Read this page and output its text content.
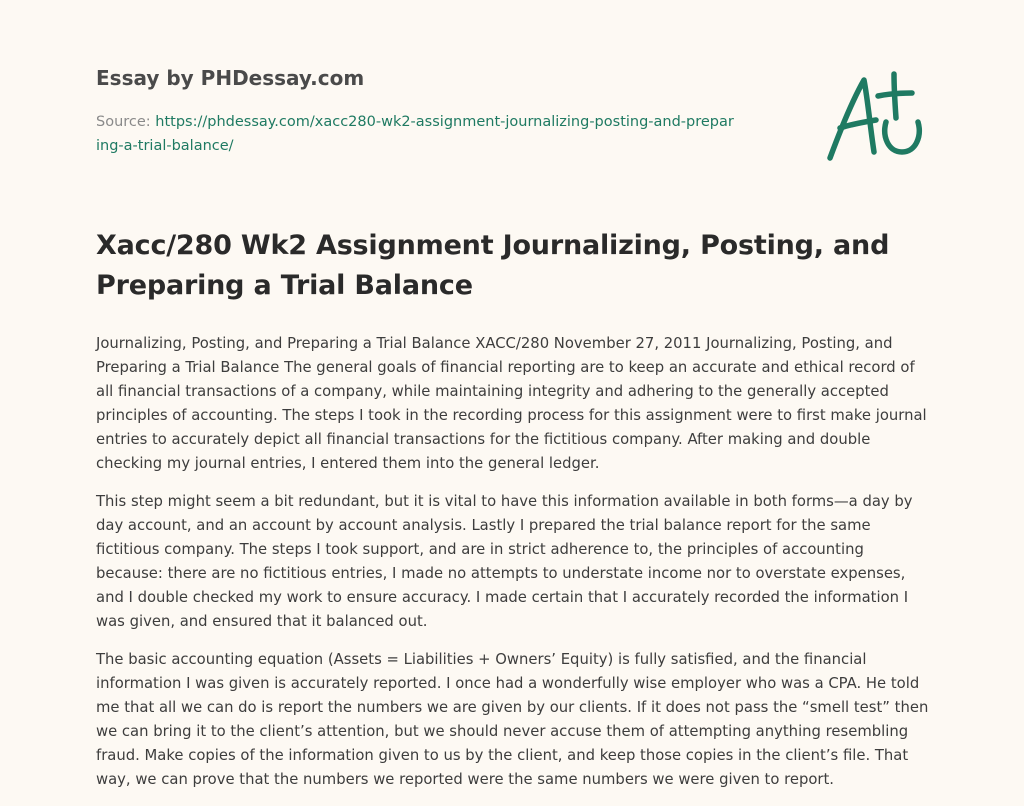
Essay by PHDessay.com

Source: https://phdessay.com/xacc280-wk2-assignment-journalizing-posting-and-preparing-a-trial-balance/
Xacc/280 Wk2 Assignment Journalizing, Posting, and Preparing a Trial Balance

Journalizing, Posting, and Preparing a Trial Balance XACC/280 November 27, 2011 Journalizing, Posting, and Preparing a Trial Balance The general goals of financial reporting are to keep an accurate and ethical record of all financial transactions of a company, while maintaining integrity and adhering to the generally accepted principles of accounting. The steps I took in the recording process for this assignment were to first make journal entries to accurately depict all financial transactions for the fictitious company. After making and double checking my journal entries, I entered them into the general ledger.

This step might seem a bit redundant, but it is vital to have this information available in both forms—a day by day account, and an account by account analysis. Lastly I prepared the trial balance report for the same fictitious company. The steps I took support, and are in strict adherence to, the principles of accounting because: there are no fictitious entries, I made no attempts to understate income nor to overstate expenses, and I double checked my work to ensure accuracy. I made certain that I accurately recorded the information I was given, and ensured that it balanced out.

The basic accounting equation (Assets = Liabilities + Owners’ Equity) is fully satisfied, and the financial information I was given is accurately reported. I once had a wonderfully wise employer who was a CPA. He told me that all we can do is report the numbers we are given by our clients. If it does not pass the “smell test” then we can bring it to the client’s attention, but we should never accuse them of attempting anything resembling fraud. Make copies of the information given to us by the client, and keep those copies in the client’s file. That way, we can prove that the numbers we reported were the same numbers we were given to report.
